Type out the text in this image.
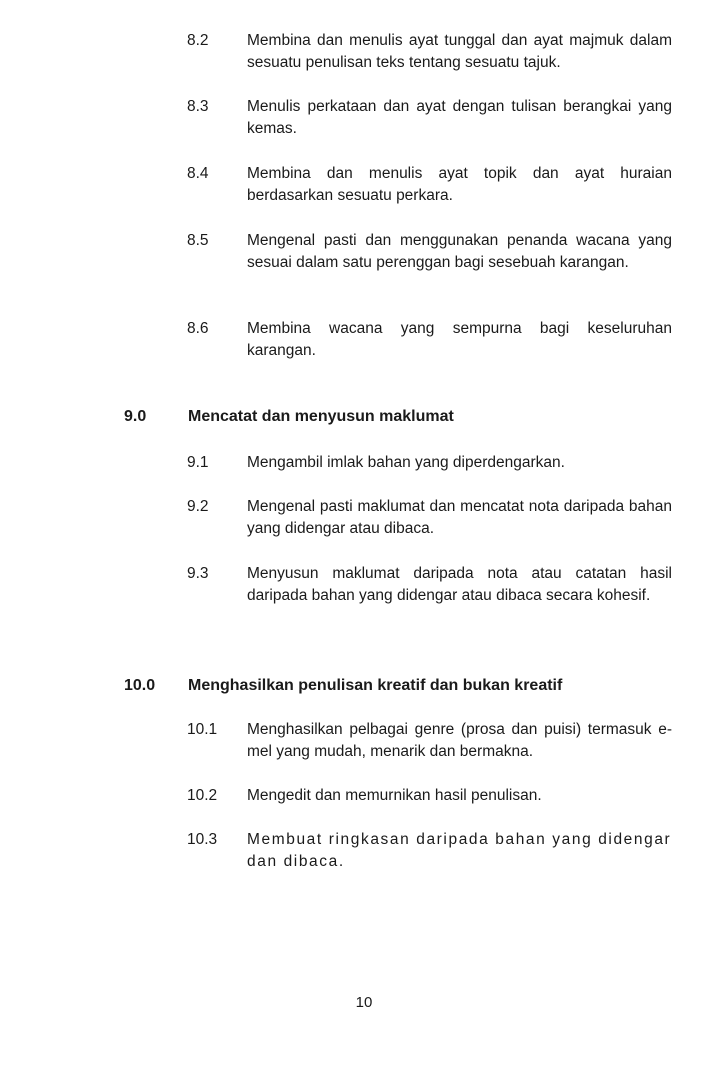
8.2	Membina dan menulis ayat tunggal dan ayat majmuk dalam sesuatu penulisan teks tentang sesuatu tajuk.
8.3	Menulis perkataan dan ayat dengan tulisan berangkai yang kemas.
8.4	Membina dan menulis ayat topik dan ayat huraian berdasarkan sesuatu perkara.
8.5	Mengenal pasti dan menggunakan penanda wacana yang sesuai dalam satu perenggan bagi sesebuah karangan.
8.6	Membina wacana yang sempurna bagi keseluruhan karangan.
9.0	Mencatat dan menyusun maklumat
9.1	Mengambil imlak bahan yang diperdengarkan.
9.2	Mengenal pasti maklumat dan mencatat nota daripada bahan yang didengar atau dibaca.
9.3	Menyusun maklumat daripada nota atau catatan hasil daripada bahan yang didengar atau dibaca secara kohesif.
10.0	Menghasilkan penulisan kreatif dan bukan kreatif
10.1	Menghasilkan pelbagai genre (prosa dan puisi) termasuk e-mel yang mudah, menarik dan bermakna.
10.2	Mengedit dan memurnikan hasil penulisan.
10.3	Membuat ringkasan daripada bahan yang didengar dan dibaca.
10
